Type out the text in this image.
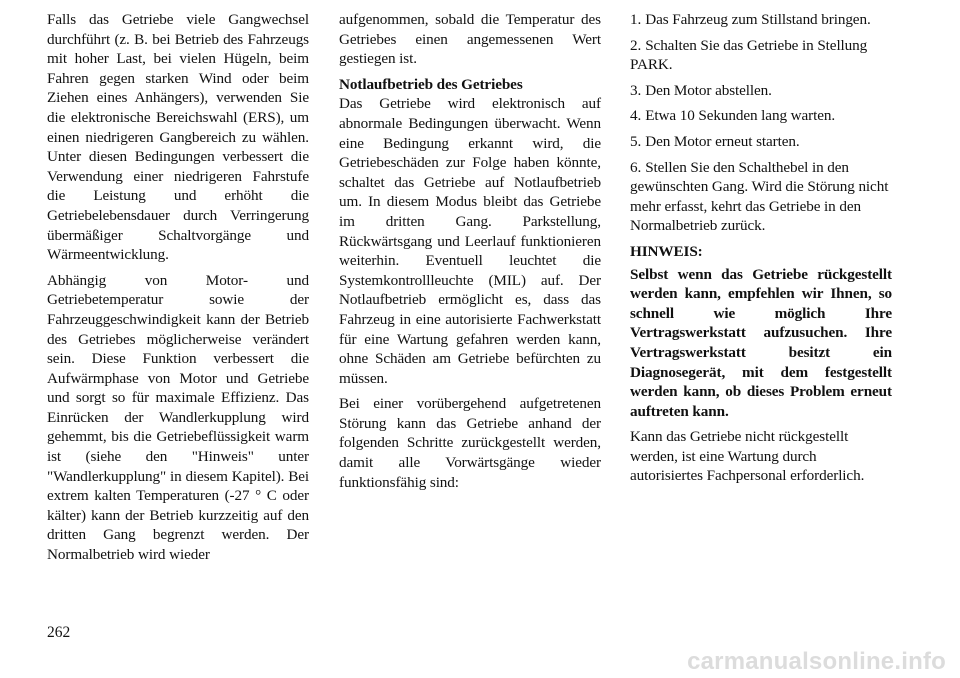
Falls das Getriebe viele Gangwechsel durchführt (z. B. bei Betrieb des Fahrzeugs mit hoher Last, bei vielen Hügeln, beim Fahren gegen starken Wind oder beim Ziehen eines Anhängers), verwenden Sie die elektronische Bereichswahl (ERS), um einen niedrigeren Gangbereich zu wählen. Unter diesen Bedingungen verbessert die Verwendung einer niedrigeren Fahrstufe die Leistung und erhöht die Getriebelebensdauer durch Verringerung übermäßiger Schaltvorgänge und Wärmeentwicklung.

Abhängig von Motor- und Getriebetemperatur sowie der Fahrzeuggeschwindigkeit kann der Betrieb des Getriebes möglicherweise verändert sein. Diese Funktion verbessert die Aufwärmphase von Motor und Getriebe und sorgt so für maximale Effizienz. Das Einrücken der Wandlerkupplung wird gehemmt, bis die Getriebeflüssigkeit warm ist (siehe den "Hinweis" unter "Wandlerkupplung" in diesem Kapitel). Bei extrem kalten Temperaturen (-27 ° C oder kälter) kann der Betrieb kurzzeitig auf den dritten Gang begrenzt werden. Der Normalbetrieb wird wieder

aufgenommen, sobald die Temperatur des Getriebes einen angemessenen Wert gestiegen ist.

Notlaufbetrieb des Getriebes

Das Getriebe wird elektronisch auf abnormale Bedingungen überwacht. Wenn eine Bedingung erkannt wird, die Getriebeschäden zur Folge haben könnte, schaltet das Getriebe auf Notlaufbetrieb um. In diesem Modus bleibt das Getriebe im dritten Gang. Parkstellung, Rückwärtsgang und Leerlauf funktionieren weiterhin. Eventuell leuchtet die Systemkontrollleuchte (MIL) auf. Der Notlaufbetrieb ermöglicht es, dass das Fahrzeug in eine autorisierte Fachwerkstatt für eine Wartung gefahren werden kann, ohne Schäden am Getriebe befürchten zu müssen.

Bei einer vorübergehend aufgetretenen Störung kann das Getriebe anhand der folgenden Schritte zurückgestellt werden, damit alle Vorwärtsgänge wieder funktionsfähig sind:

1. Das Fahrzeug zum Stillstand bringen.

2. Schalten Sie das Getriebe in Stellung PARK.

3. Den Motor abstellen.

4. Etwa 10 Sekunden lang warten.

5. Den Motor erneut starten.

6. Stellen Sie den Schalthebel in den gewünschten Gang. Wird die Störung nicht mehr erfasst, kehrt das Getriebe in den Normalbetrieb zurück.

HINWEIS:

Selbst wenn das Getriebe rückgestellt werden kann, empfehlen wir Ihnen, so schnell wie möglich Ihre Vertragswerkstatt aufzusuchen. Ihre Vertragswerkstatt besitzt ein Diagnosegerät, mit dem festgestellt werden kann, ob dieses Problem erneut auftreten kann.

Kann das Getriebe nicht rückgestellt werden, ist eine Wartung durch autorisiertes Fachpersonal erforderlich.

262
carmanualsonline.info
